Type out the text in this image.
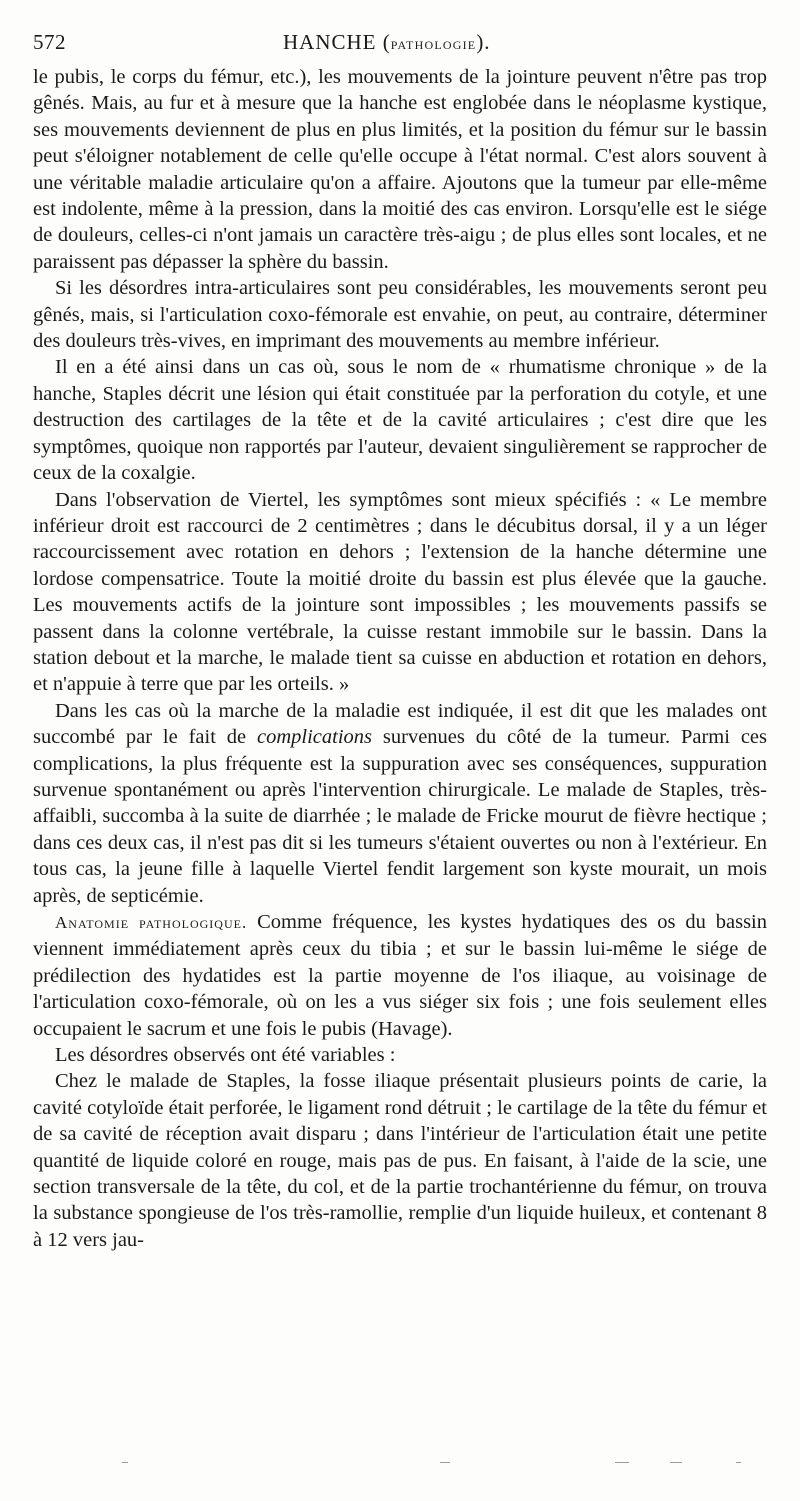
572	HANCHE (pathologie).

le pubis, le corps du fémur, etc.), les mouvements de la jointure peuvent n'être pas trop gênés. Mais, au fur et à mesure que la hanche est englobée dans le néoplasme kystique, ses mouvements deviennent de plus en plus limités, et la position du fémur sur le bassin peut s'éloigner notablement de celle qu'elle occupe à l'état normal. C'est alors souvent à une véritable maladie articulaire qu'on a affaire. Ajoutons que la tumeur par elle-même est indolente, même à la pression, dans la moitié des cas environ. Lorsqu'elle est le siége de douleurs, celles-ci n'ont jamais un caractère très-aigu ; de plus elles sont locales, et ne paraissent pas dépasser la sphère du bassin.

Si les désordres intra-articulaires sont peu considérables, les mouvements seront peu gênés, mais, si l'articulation coxo-fémorale est envahie, on peut, au contraire, déterminer des douleurs très-vives, en imprimant des mouvements au membre inférieur.

Il en a été ainsi dans un cas où, sous le nom de « rhumatisme chronique » de la hanche, Staples décrit une lésion qui était constituée par la perforation du cotyle, et une destruction des cartilages de la tête et de la cavité articulaires ; c'est dire que les symptômes, quoique non rapportés par l'auteur, devaient singulièrement se rapprocher de ceux de la coxalgie.

Dans l'observation de Viertel, les symptômes sont mieux spécifiés : « Le membre inférieur droit est raccourci de 2 centimètres ; dans le décubitus dorsal, il y a un léger raccourcissement avec rotation en dehors ; l'extension de la hanche détermine une lordose compensatrice. Toute la moitié droite du bassin est plus élevée que la gauche. Les mouvements actifs de la jointure sont impossibles ; les mouvements passifs se passent dans la colonne vertébrale, la cuisse restant immobile sur le bassin. Dans la station debout et la marche, le malade tient sa cuisse en abduction et rotation en dehors, et n'appuie à terre que par les orteils. »

Dans les cas où la marche de la maladie est indiquée, il est dit que les malades ont succombé par le fait de complications survenues du côté de la tumeur. Parmi ces complications, la plus fréquente est la suppuration avec ses conséquences, suppuration survenue spontanément ou après l'intervention chirurgicale. Le malade de Staples, très-affaibli, succomba à la suite de diarrhée ; le malade de Fricke mourut de fièvre hectique ; dans ces deux cas, il n'est pas dit si les tumeurs s'étaient ouvertes ou non à l'extérieur. En tous cas, la jeune fille à laquelle Viertel fendit largement son kyste mourait, un mois après, de septicémie.

Anatomie pathologique. Comme fréquence, les kystes hydatiques des os du bassin viennent immédiatement après ceux du tibia ; et sur le bassin lui-même le siége de prédilection des hydatides est la partie moyenne de l'os iliaque, au voisinage de l'articulation coxo-fémorale, où on les a vus siéger six fois ; une fois seulement elles occupaient le sacrum et une fois le pubis (Havage).

Les désordres observés ont été variables :

Chez le malade de Staples, la fosse iliaque présentait plusieurs points de carie, la cavité cotyloïde était perforée, le ligament rond détruit ; le cartilage de la tête du fémur et de sa cavité de réception avait disparu ; dans l'intérieur de l'articulation était une petite quantité de liquide coloré en rouge, mais pas de pus. En faisant, à l'aide de la scie, une section transversale de la tête, du col, et de la partie trochantérienne du fémur, on trouva la substance spongieuse de l'os très-ramollie, remplie d'un liquide huileux, et contenant 8 à 12 vers jau-
